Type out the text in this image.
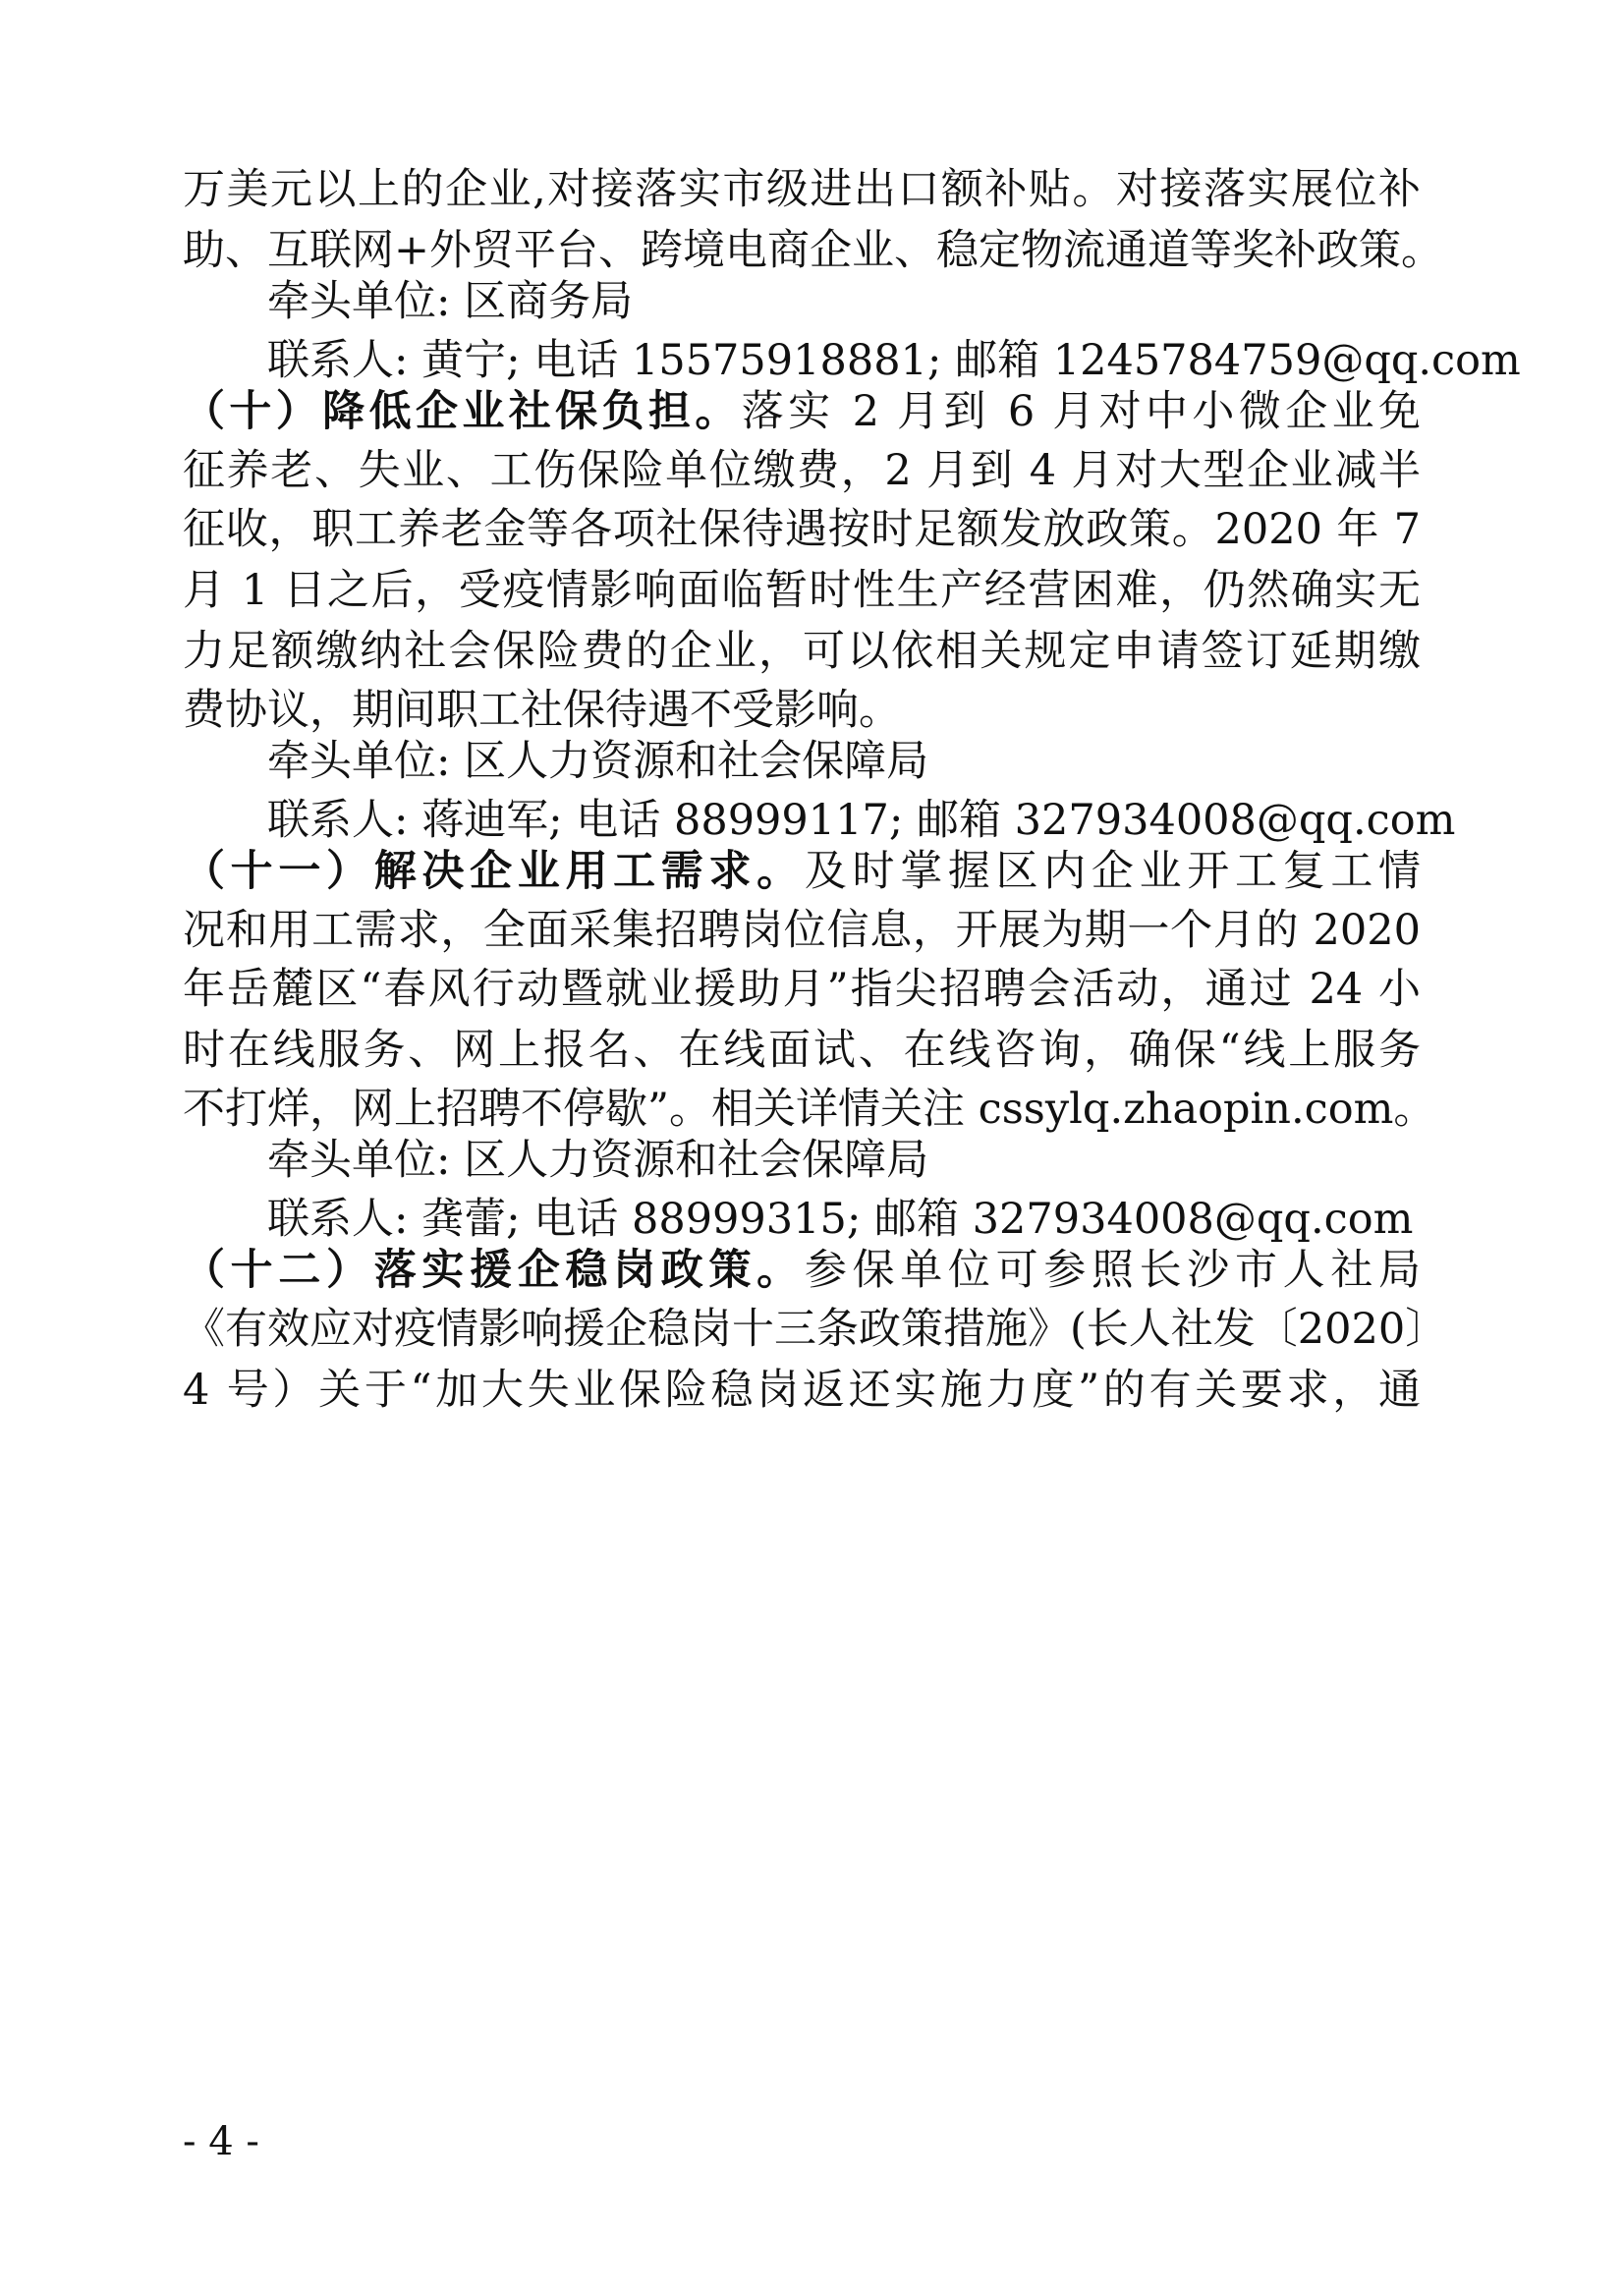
万美元以上的企业,对接落实市级进出口额补贴。对接落实展位补
助、互联网+外贸平台、跨境电商企业、稳定物流通道等奖补政策。
牵头单位: 区商务局
联系人: 黄宁; 电话 15575918881; 邮箱 1245784759@qq.com
（十）降低企业社保负担。落实 2 月到 6 月对中小微企业免
征养老、失业、工伤保险单位缴费，2 月到 4 月对大型企业减半
征收，职工养老金等各项社保待遇按时足额发放政策。2020 年 7
月 1 日之后，受疫情影响面临暂时性生产经营困难，仍然确实无
力足额缴纳社会保险费的企业，可以依相关规定申请签订延期缴
费协议，期间职工社保待遇不受影响。
牵头单位: 区人力资源和社会保障局
联系人: 蒋迪军; 电话 88999117; 邮箱 327934008@qq.com
（十一）解决企业用工需求。及时掌握区内企业开工复工情
况和用工需求，全面采集招聘岗位信息，开展为期一个月的 2020
年岳麓区“春风行动暨就业援助月”指尖招聘会活动，通过 24 小
时在线服务、网上报名、在线面试、在线咨询，确保“线上服务
不打烊，网上招聘不停歇”。相关详情关注 cssylq.zhaopin.com。
牵头单位: 区人力资源和社会保障局
联系人: 龚蕾; 电话 88999315; 邮箱 327934008@qq.com
（十二）落实援企稳岗政策。参保单位可参照长沙市人社局
《有效应对疫情影响援企稳岗十三条政策措施》(长人社发〔2020〕
4 号）关于“加大失业保险稳岗返还实施力度”的有关要求，通
- 4 -
